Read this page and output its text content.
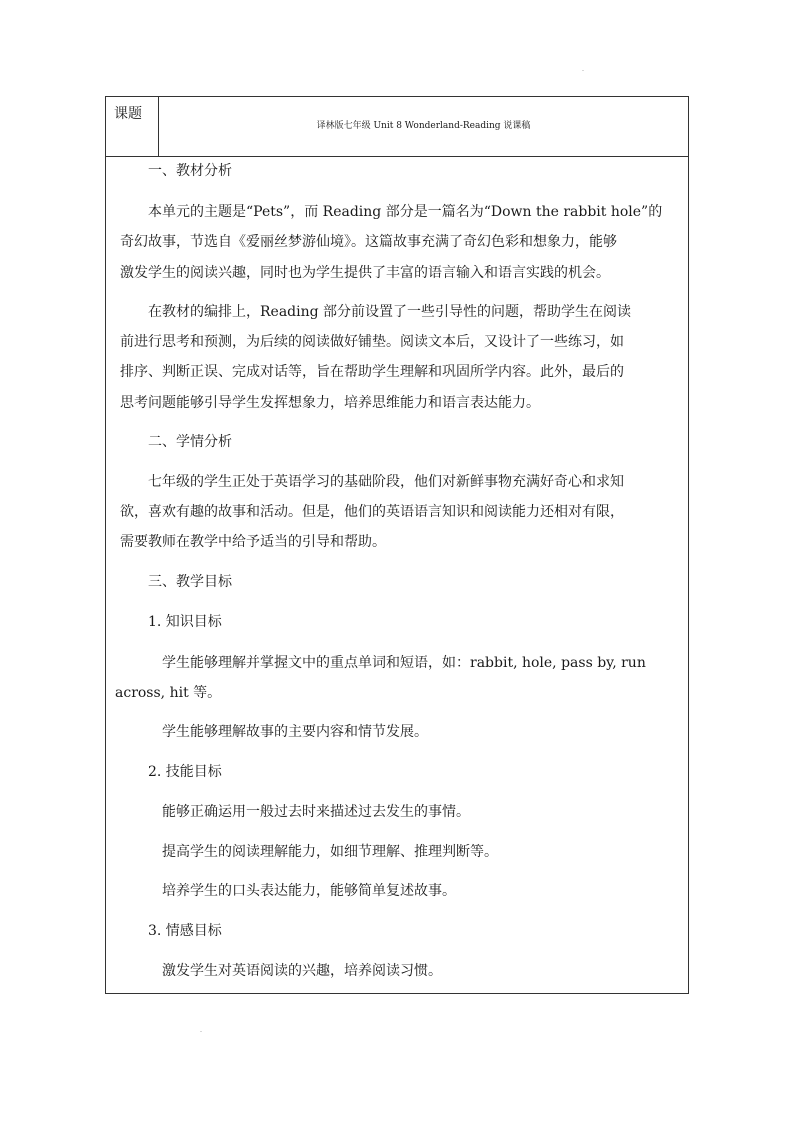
课题
译林版七年级 Unit 8 Wonderland-Reading 说课稿
一、教材分析
本单元的主题是“Pets”，而 Reading 部分是一篇名为“Down the rabbit hole”的
奇幻故事，节选自《爱丽丝梦游仙境》。这篇故事充满了奇幻色彩和想象力，能够
激发学生的阅读兴趣，同时也为学生提供了丰富的语言输入和语言实践的机会。
在教材的编排上，Reading 部分前设置了一些引导性的问题，帮助学生在阅读
前进行思考和预测，为后续的阅读做好铺垫。阅读文本后，又设计了一些练习，如
排序、判断正误、完成对话等，旨在帮助学生理解和巩固所学内容。此外，最后的
思考问题能够引导学生发挥想象力，培养思维能力和语言表达能力。
二、学情分析
七年级的学生正处于英语学习的基础阶段，他们对新鲜事物充满好奇心和求知
欲，喜欢有趣的故事和活动。但是，他们的英语语言知识和阅读能力还相对有限，
需要教师在教学中给予适当的引导和帮助。
三、教学目标
1. 知识目标
学生能够理解并掌握文中的重点单词和短语，如：rabbit, hole, pass by, run
across, hit 等。
学生能够理解故事的主要内容和情节发展。
2. 技能目标
能够正确运用一般过去时来描述过去发生的事情。
提高学生的阅读理解能力，如细节理解、推理判断等。
培养学生的口头表达能力，能够简单复述故事。
3. 情感目标
激发学生对英语阅读的兴趣，培养阅读习惯。
